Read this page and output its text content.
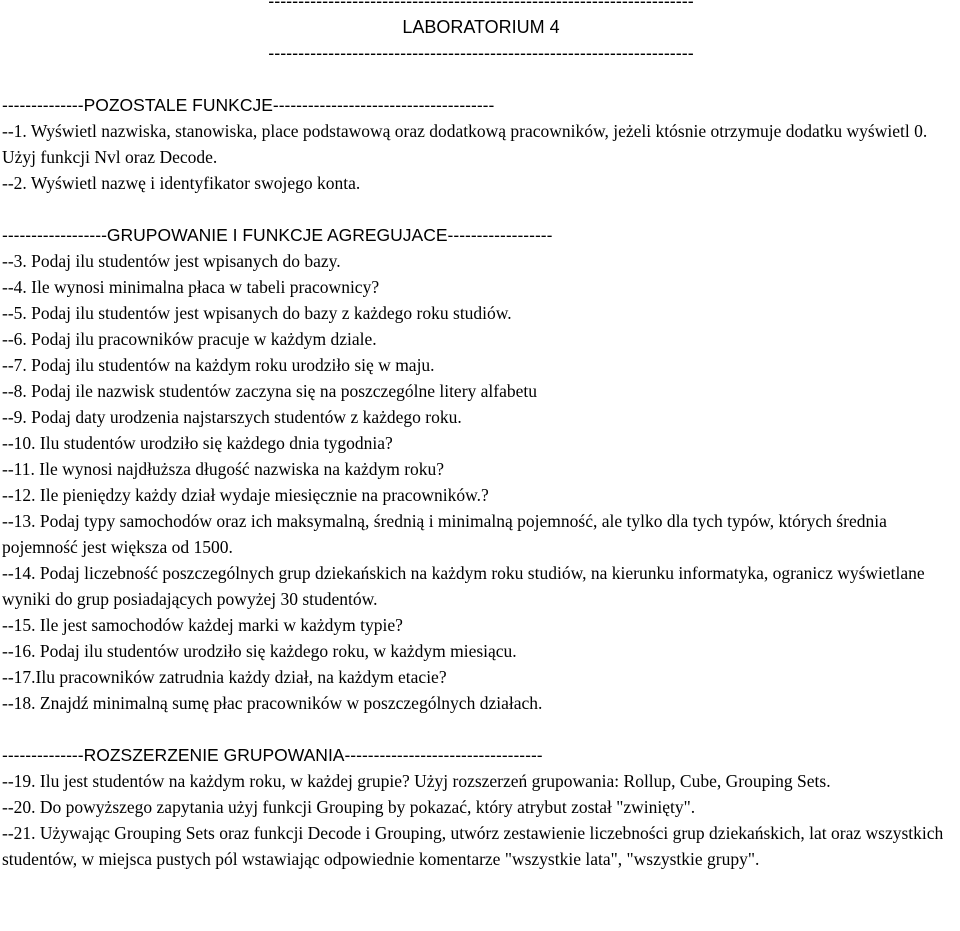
-----------------------------------------------------------------------
LABORATORIUM 4
-----------------------------------------------------------------------
--------------POZOSTALE FUNKCJE--------------------------------------
--1. Wyświetl nazwiska, stanowiska, place podstawową oraz dodatkową pracowników, jeżeli któsnie otrzymuje dodatku wyświetl 0. Użyj funkcji Nvl oraz Decode.
--2. Wyświetl nazwę i identyfikator swojego konta.
------------------GRUPOWANIE I FUNKCJE AGREGUJACE------------------
--3. Podaj ilu studentów jest wpisanych do bazy.
--4. Ile wynosi minimalna płaca w tabeli pracownicy?
--5. Podaj ilu studentów jest wpisanych do bazy z każdego roku studiów.
--6. Podaj ilu pracowników pracuje w każdym dziale.
--7. Podaj ilu studentów na każdym roku urodziło się w maju.
--8. Podaj ile nazwisk studentów zaczyna się na poszczególne litery alfabetu
--9. Podaj daty urodzenia najstarszych studentów z każdego roku.
--10. Ilu studentów urodziło się każdego dnia tygodnia?
--11. Ile wynosi najdłuższa długość nazwiska na każdym roku?
--12. Ile pieniędzy każdy dział wydaje miesięcznie na pracowników.?
--13. Podaj typy samochodów oraz ich maksymalną, średnią i minimalną pojemność, ale tylko dla tych typów, których średnia pojemność jest większa od 1500.
--14. Podaj liczebność poszczególnych grup dziekańskich na każdym roku studiów, na kierunku informatyka, ogranicz wyświetlane wyniki do grup posiadających powyżej 30 studentów.
--15. Ile jest samochodów każdej marki w każdym typie?
--16. Podaj ilu studentów urodziło się każdego roku, w każdym miesiącu.
--17.Ilu pracowników zatrudnia każdy dział, na każdym etacie?
--18. Znajdź minimalną sumę płac pracowników w poszczególnych działach.
--------------ROZSZERZENIE GRUPOWANIA----------------------------------
--19. Ilu jest studentów na każdym roku, w każdej grupie? Użyj rozszerzeń grupowania: Rollup, Cube, Grouping Sets.
--20. Do powyższego zapytania użyj funkcji Grouping by pokazać, który atrybut został "zwinięty".
--21. Używając Grouping Sets oraz funkcji Decode i Grouping, utwórz zestawienie liczebności grup dziekańskich, lat oraz wszystkich studentów, w miejsca pustych pól wstawiając odpowiednie komentarze "wszystkie lata", "wszystkie grupy".
